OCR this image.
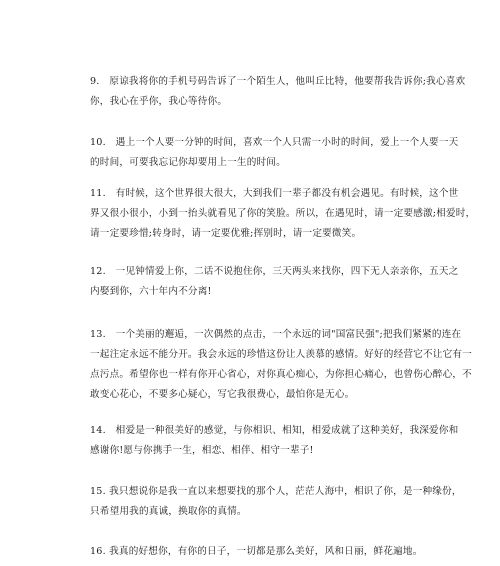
9.　原谅我将你的手机号码告诉了一个陌生人，他叫丘比特，他要帮我告诉你;我心喜欢
你，我心在乎你，我心等待你。
10.　遇上一个人要一分钟的时间，喜欢一个人只需一小时的时间，爱上一个人要一天
的时间，可要我忘记你却要用上一生的时间。
11.　有时候，这个世界很大很大，大到我们一辈子都没有机会遇见。有时候，这个世
界又很小很小，小到一抬头就看见了你的笑脸。所以，在遇见时，请一定要感激;相爱时，
请一定要珍惜;转身时，请一定要优雅;挥别时，请一定要微笑。
12.　一见钟情爱上你，二话不说抱住你，三天两头来找你，四下无人亲亲你，五天之
内娶到你，六十年内不分离!
13.　一个美丽的邂逅，一次偶然的点击，一个永远的词"国富民强";把我们紧紧的连在
一起注定永远不能分开。我会永远的珍惜这份让人羡慕的感情。好好的经营它不让它有一
点污点。希望你也一样有你开心省心，对你真心痴心，为你担心痛心，也曾伤心醉心，不
敢变心花心，不要多心疑心，写它我很费心，最怕你是无心。
14.　相爱是一种很美好的感觉，与你相识、相知，相爱成就了这种美好，我深爱你和
感谢你!愿与你携手一生，相恋、相伴、相守一辈子!
15. 我只想说你是我一直以来想要找的那个人，茫茫人海中，相识了你，是一种缘份，
只希望用我的真诚，换取你的真情。
16. 我真的好想你，有你的日子，一切都是那么美好，风和日丽，鲜花遍地。
